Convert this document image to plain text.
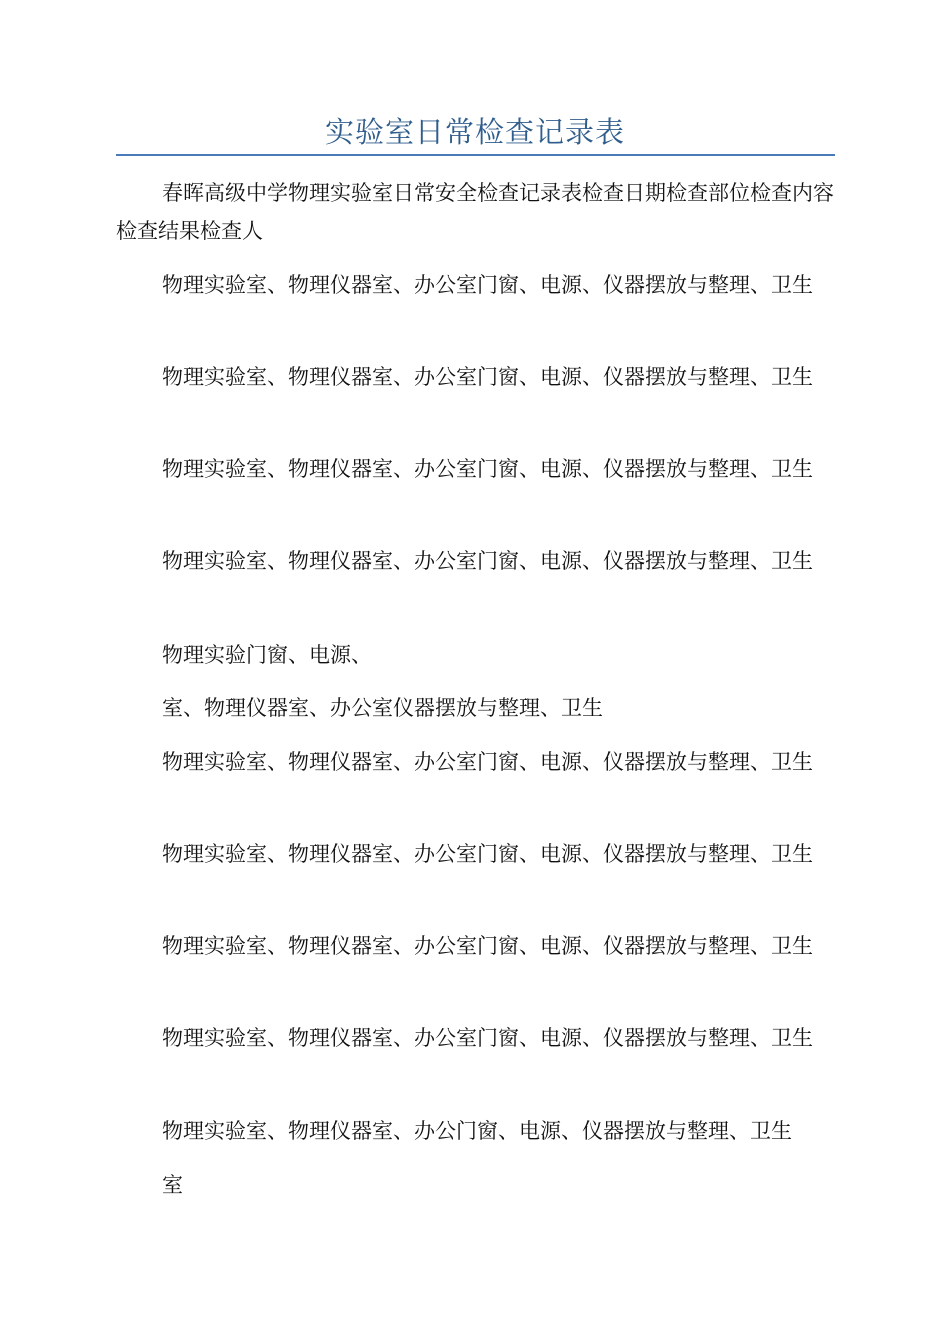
实验室日常检查记录表

春晖高级中学物理实验室日常安全检查记录表检查日期检查部位检查内容检查结果检查人

物理实验室、物理仪器室、办公室门窗、电源、仪器摆放与整理、卫生

物理实验室、物理仪器室、办公室门窗、电源、仪器摆放与整理、卫生

物理实验室、物理仪器室、办公室门窗、电源、仪器摆放与整理、卫生

物理实验室、物理仪器室、办公室门窗、电源、仪器摆放与整理、卫生

物理实验门窗、电源、

室、物理仪器室、办公室仪器摆放与整理、卫生

物理实验室、物理仪器室、办公室门窗、电源、仪器摆放与整理、卫生

物理实验室、物理仪器室、办公室门窗、电源、仪器摆放与整理、卫生

物理实验室、物理仪器室、办公室门窗、电源、仪器摆放与整理、卫生

物理实验室、物理仪器室、办公室门窗、电源、仪器摆放与整理、卫生

物理实验室、物理仪器室、办公门窗、电源、仪器摆放与整理、卫生

室
